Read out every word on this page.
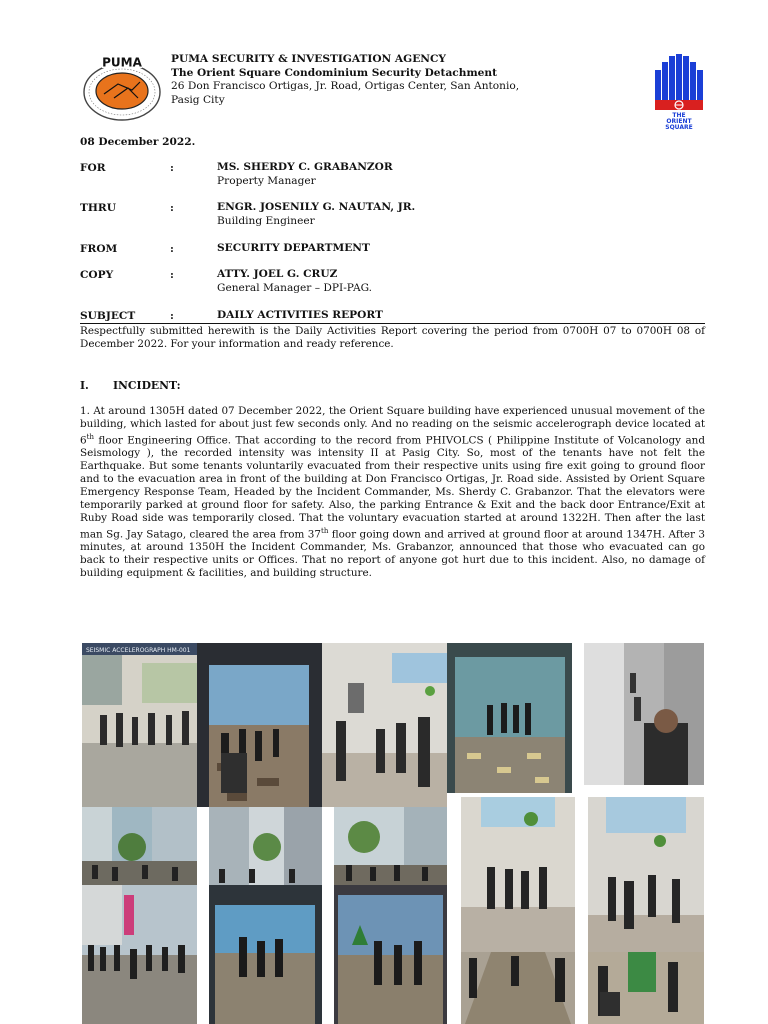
PUMA	PUMA SECURITY & INVESTIGATION AGENCY
The Orient Square Condominium Security Detachment
26 Don Francisco Ortigas, Jr. Road, Ortigas Center, San Antonio,
Pasig City
THE
ORIENT
SQUARE
08 December 2022.
FOR	:	MS. SHERDY C. GRABANZOR
Property Manager
THRU	:	ENGR. JOSENILY G. NAUTAN, JR.
Building Engineer
FROM	:	SECURITY DEPARTMENT
COPY	:	ATTY. JOEL G. CRUZ
General Manager – DPI-PAG.
SUBJECT	:	DAILY ACTIVITIES REPORT
Respectfully submitted herewith is the Daily Activities Report covering the period from 0700H 07 to 0700H 08 of December 2022. For your information and ready reference.
I. INCIDENT:
1. At around 1305H dated 07 December 2022, the Orient Square building have experienced unusual movement of the building, which lasted for about just few seconds only. And no reading on the seismic accelerograph device located at 6th floor Engineering Office. That according to the record from PHIVOLCS ( Philippine Institute of Volcanology and Seismology ), the recorded intensity was intensity II at Pasig City. So, most of the tenants have not felt the Earthquake. But some tenants voluntarily evacuated from their respective units using fire exit going to ground floor and to the evacuation area in front of the building at Don Francisco Ortigas, Jr. Road side. Assisted by Orient Square Emergency Response Team, Headed by the Incident Commander, Ms. Sherdy C. Grabanzor. That the elevators were temporarily parked at ground floor for safety. Also, the parking Entrance & Exit and the back door Entrance/Exit at Ruby Road side was temporarily closed. That the voluntary evacuation started at around 1322H. Then after the last man Sg. Jay Satago, cleared the area from 37th floor going down and arrived at ground floor at around 1347H. After 3 minutes, at around 1350H the Incident Commander, Ms. Grabanzor, announced that those who evacuated can go back to their respective units or Offices. That no report of anyone got hurt due to this incident. Also, no damage of building equipment & facilities, and building structure.
SEISMIC ACCELEROGRAPH HM-001
